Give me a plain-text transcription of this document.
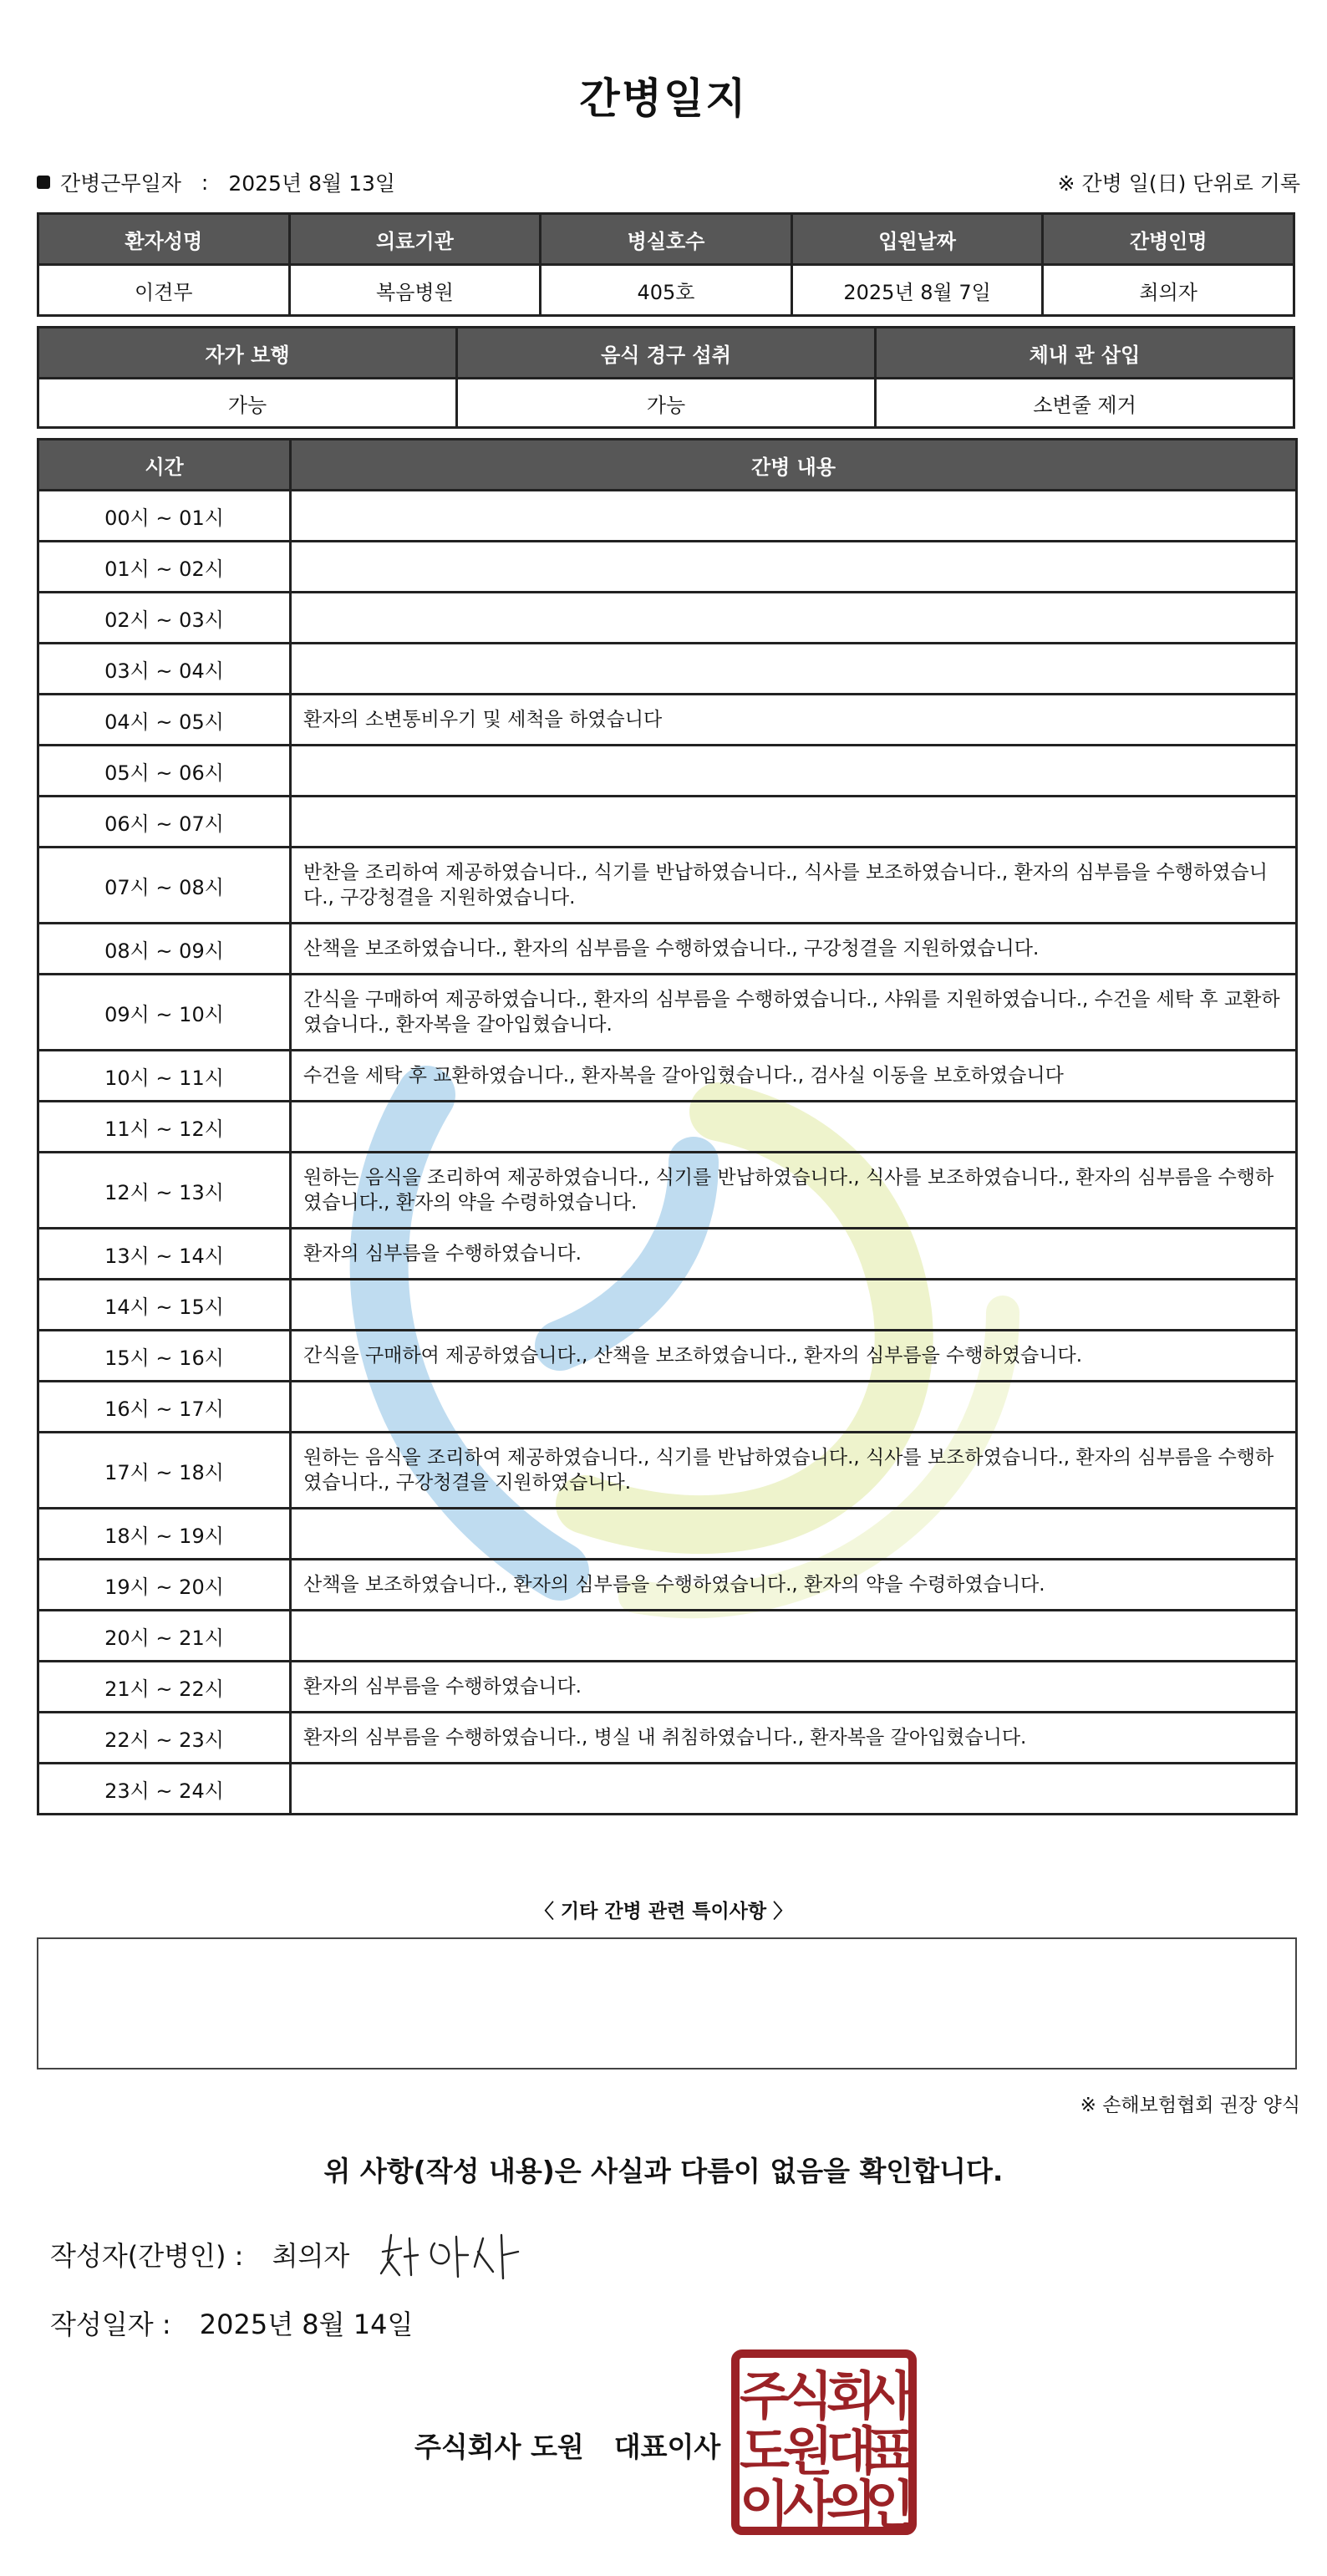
간병일지
간병근무일자 : 2025년 8월 13일	※ 간병 일(日) 단위로 기록
환자성명	의료기관	병실호수	입원날짜	간병인명
이견무	복음병원	405호	2025년 8월 7일	최의자
자가 보행	음식 경구 섭취	체내 관 삽입
가능	가능	소변줄 제거
시간	간병 내용
00시 ~ 01시	
01시 ~ 02시	
02시 ~ 03시	
03시 ~ 04시	
04시 ~ 05시	환자의 소변통비우기 및 세척을 하였습니다
05시 ~ 06시	
06시 ~ 07시	
07시 ~ 08시	반찬을 조리하여 제공하였습니다., 식기를 반납하였습니다., 식사를 보조하였습니다., 환자의 심부름을 수행하였습니다., 구강청결을 지원하였습니다.
08시 ~ 09시	산책을 보조하였습니다., 환자의 심부름을 수행하였습니다., 구강청결을 지원하였습니다.
09시 ~ 10시	간식을 구매하여 제공하였습니다., 환자의 심부름을 수행하였습니다., 샤워를 지원하였습니다., 수건을 세탁 후 교환하였습니다., 환자복을 갈아입혔습니다.
10시 ~ 11시	수건을 세탁 후 교환하였습니다., 환자복을 갈아입혔습니다., 검사실 이동을 보호하였습니다
11시 ~ 12시	
12시 ~ 13시	원하는 음식을 조리하여 제공하였습니다., 식기를 반납하였습니다., 식사를 보조하였습니다., 환자의 심부름을 수행하였습니다., 환자의 약을 수령하였습니다.
13시 ~ 14시	환자의 심부름을 수행하였습니다.
14시 ~ 15시	
15시 ~ 16시	간식을 구매하여 제공하였습니다., 산책을 보조하였습니다., 환자의 심부름을 수행하였습니다.
16시 ~ 17시	
17시 ~ 18시	원하는 음식을 조리하여 제공하였습니다., 식기를 반납하였습니다., 식사를 보조하였습니다., 환자의 심부름을 수행하였습니다., 구강청결을 지원하였습니다.
18시 ~ 19시	
19시 ~ 20시	산책을 보조하였습니다., 환자의 심부름을 수행하였습니다., 환자의 약을 수령하였습니다.
20시 ~ 21시	
21시 ~ 22시	환자의 심부름을 수행하였습니다.
22시 ~ 23시	환자의 심부름을 수행하였습니다., 병실 내 취침하였습니다., 환자복을 갈아입혔습니다.
23시 ~ 24시	
〈 기타 간병 관련 특이사항 〉
※ 손해보험협회 권장 양식
위 사항(작성 내용)은 사실과 다름이 없음을 확인합니다.
작성자(간병인) : 최의자
작성일자 : 2025년 8월 14일
주식회사 도원 대표이사
주
식
회
사
도
원
대
표
이
사
의
인
